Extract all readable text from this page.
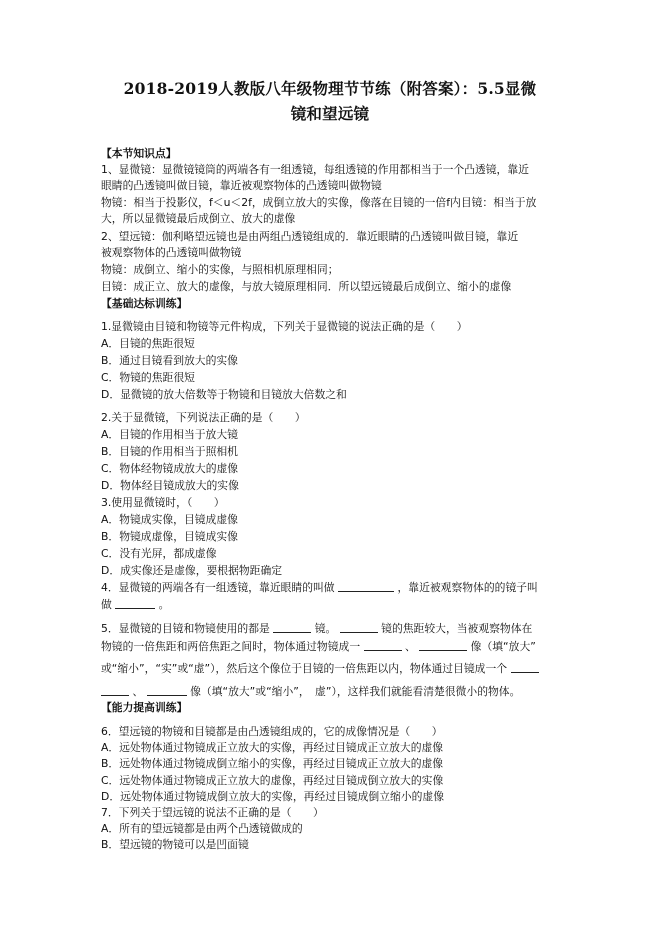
2018-2019人教版八年级物理节节练（附答案）：5.5显微
镜和望远镜
【本节知识点】
1、显微镜：显微镜镜筒的两端各有一组透镜，每组透镜的作用都相当于一个凸透镜，靠近
眼睛的凸透镜叫做目镜，靠近被观察物体的凸透镜叫做物镜
物镜：相当于投影仪，f＜u＜2f，成倒立放大的实像，像落在目镜的一倍f内目镜：相当于放
大，所以显微镜最后成倒立、放大的虚像
2、望远镜：伽利略望远镜也是由两组凸透镜组成的．靠近眼睛的凸透镜叫做目镜，靠近
被观察物体的凸透镜叫做物镜
物镜：成倒立、缩小的实像，与照相机原理相同；
目镜：成正立、放大的虚像，与放大镜原理相同．所以望远镜最后成倒立、缩小的虚像
【基础达标训练】
1.显微镜由目镜和物镜等元件构成，下列关于显微镜的说法正确的是（　　）
A．目镜的焦距很短
B．通过目镜看到放大的实像
C．物镜的焦距很短
D．显微镜的放大倍数等于物镜和目镜放大倍数之和
2.关于显微镜，下列说法正确的是（　　）
A．目镜的作用相当于放大镜
B．目镜的作用相当于照相机
C．物体经物镜成放大的虚像
D．物体经目镜成放大的实像
3.使用显微镜时，（　　）
A．物镜成实像，目镜成虚像
B．物镜成虚像，目镜成实像
C．没有光屏，都成虚像
D．成实像还是虚像，要根据物距确定
4．显微镜的两端各有一组透镜，靠近眼睛的叫做	，靠近被观察物体的的镜子叫
做	。
5．显微镜的目镜和物镜使用的都是	镜。	镜的焦距较大，当被观察物体在
物镜的一倍焦距和两倍焦距之间时，物体通过物镜成一	、	像（填“放大”
或“缩小”，“实”或“虚”），然后这个像位于目镜的一倍焦距以内，物体通过目镜成一个
、	像（填“放大”或“缩小”，　虚”），这样我们就能看清楚很微小的物体。
【能力提高训练】
6．望远镜的物镜和目镜都是由凸透镜组成的，它的成像情况是（　　）
A．远处物体通过物镜成正立放大的实像，再经过目镜成正立放大的虚像
B．远处物体通过物镜成倒立缩小的实像，再经过目镜成正立放大的虚像
C．远处物体通过物镜成正立放大的虚像，再经过目镜成倒立放大的实像
D．远处物体通过物镜成倒立放大的实像，再经过目镜成倒立缩小的虚像
7．下列关于望远镜的说法不正确的是（　　）
A．所有的望远镜都是由两个凸透镜做成的
B．望远镜的物镜可以是凹面镜
